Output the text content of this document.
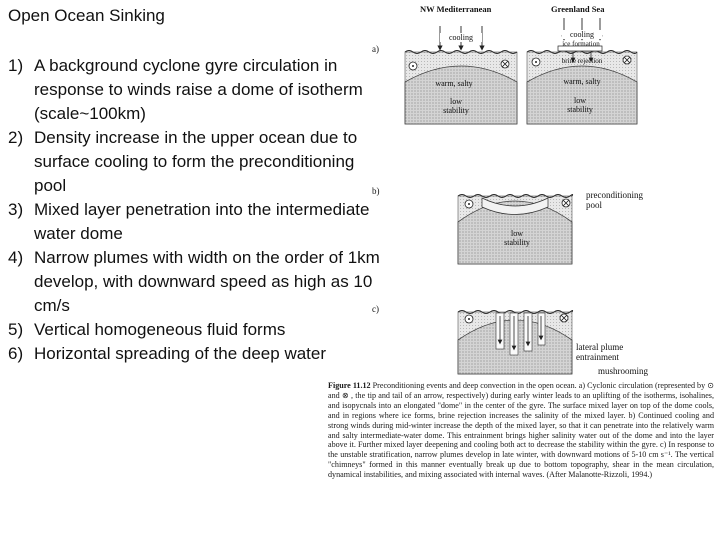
Open Ocean Sinking
1) A background cyclone gyre circulation in response to winds raise a dome of isotherm (scale~100km)
2) Density increase in the upper ocean due to surface cooling to form the preconditioning pool
3) Mixed layer penetration into the intermediate water dome
4) Narrow plumes with width on the order of 1km develop, with downward speed as high as 10 cm/s
5) Vertical homogeneous fluid forms
6) Horizontal spreading of the deep water
a)
NW Mediterranean	Greenland Sea
cooling	cooling
ice formation
brine rejection
warm, salty
low
stability
warm, salty
low
stability
b)	preconditioning pool
low
stability
c)
lateral plume entrainment
mushrooming
Figure 11.12 Preconditioning events and deep convection in the open ocean. a) Cyclonic circulation (represented by ⊙ and ⊗ , the tip and tail of an arrow, respectively) during early winter leads to an uplifting of the isotherms, isohalines, and isopycnals into an elongated "dome" in the center of the gyre. The surface mixed layer on top of the dome cools, and in regions where ice forms, brine rejection increases the salinity of the mixed layer. b) Continued cooling and strong winds during mid-winter increase the depth of the mixed layer, so that it can penetrate into the relatively warm and salty intermediate-water dome. This entrainment brings higher salinity water out of the dome and into the layer above it. Further mixed layer deepening and cooling both act to decrease the stability within the gyre. c) In response to the unstable stratification, narrow plumes develop in late winter, with downward motions of 5-10 cm s⁻¹. The vertical "chimneys" formed in this manner eventually break up due to bottom topography, shear in the mean circulation, dynamical instabilities, and mixing associated with internal waves. (After Malanotte-Rizzoli, 1994.)
